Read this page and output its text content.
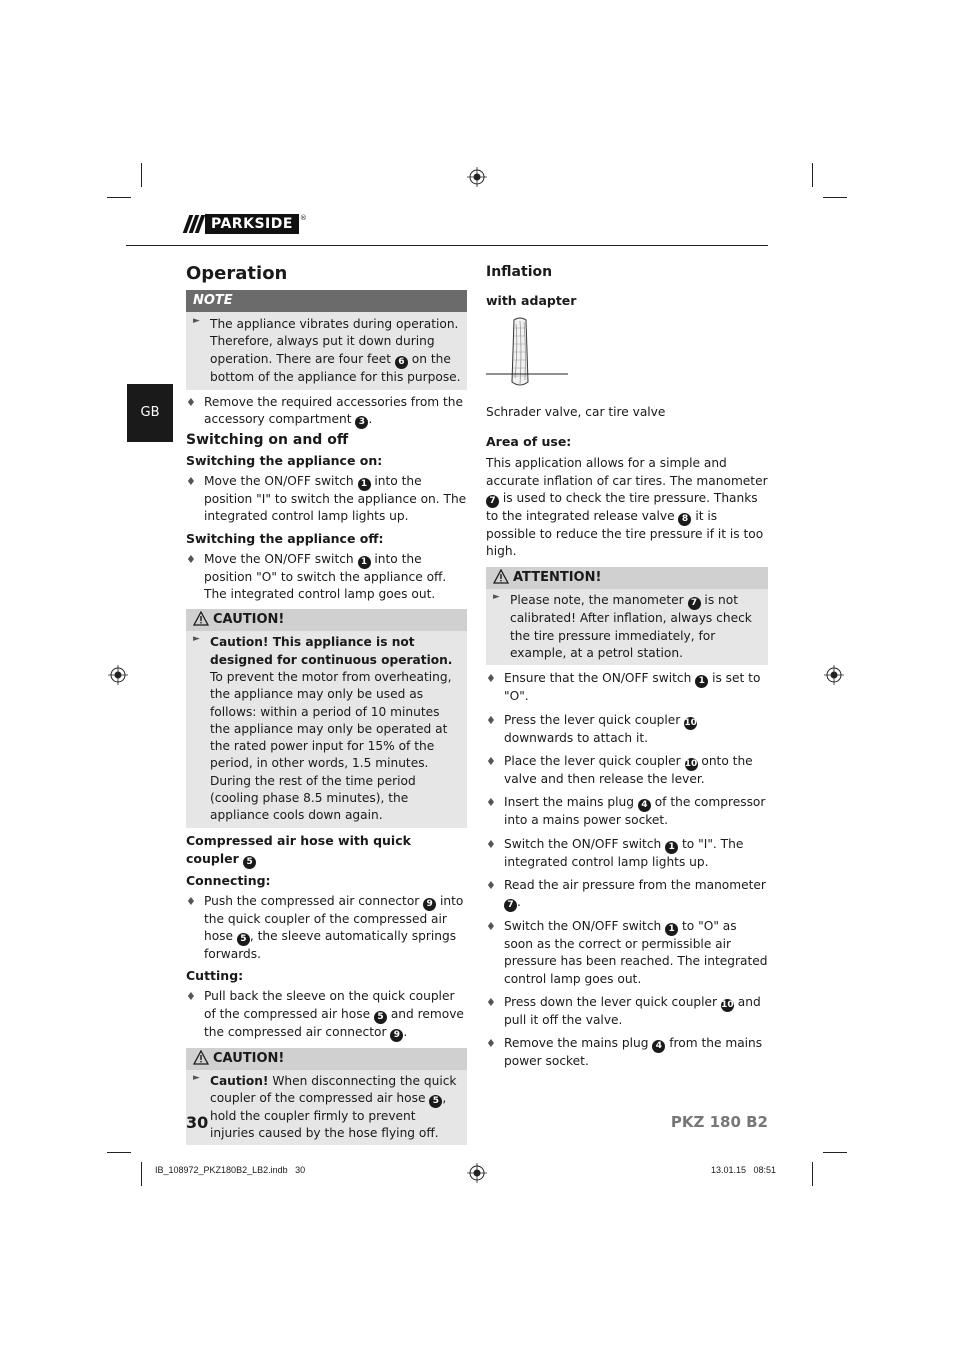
PARKSIDE	®
GB
Operation
NOTE
► The appliance vibrates during operation. Therefore, always put it down during operation. There are four feet 6 on the bottom of the appliance for this purpose.

♦ Remove the required accessories from the accessory compartment 3 .
Switching on and off
Switching the appliance on:
♦ Move the ON/OFF switch 1 into the position "I" to switch the appliance on. The integrated control lamp lights up.
Switching the appliance off:
♦ Move the ON/OFF switch 1 into the position "O" to switch the appliance off. The integrated control lamp goes out.
CAUTION!
► Caution! This appliance is not designed for continuous operation. To prevent the motor from overheating, the appliance may only be used as follows: within a period of 10 minutes the appliance may only be operated at the rated power input for 15% of the period, in other words, 1.5 minutes. During the rest of the time period (cooling phase 8.5 minutes), the appliance cools down again.

Compressed air hose with quick coupler 5
Connecting:
♦ Push the compressed air connector 9 into the quick coupler of the compressed air hose 5 , the sleeve automatically springs forwards.
Cutting:
♦ Pull back the sleeve on the quick coupler of the compressed air hose 5 and remove the compressed air connector 9 .
CAUTION!
► Caution! When disconnecting the quick coupler of the compressed air hose 5 , hold the coupler firmly to prevent injuries caused by the hose flying off.

Inflation
with adapter

Schrader valve, car tire valve

Area of use:

This application allows for a simple and accurate inflation of car tires. The manometer 7 is used to check the tire pressure. Thanks to the integrated release valve 8 it is possible to reduce the tire pressure if it is too high.

ATTENTION!
► Please note, the manometer 7 is not calibrated! After inflation, always check the tire pressure immediately, for example, at a petrol station.

♦ Ensure that the ON/OFF switch 1 is set to "O".
♦ Press the lever quick coupler 10 downwards to attach it.
♦ Place the lever quick coupler 10 onto the valve and then release the lever.
♦ Insert the mains plug 4 of the compressor into a mains power socket.
♦ Switch the ON/OFF switch 1 to "I". The integrated control lamp lights up.
♦ Read the air pressure from the manometer 7 .
♦ Switch the ON/OFF switch 1 to "O" as soon as the correct or permissible air pressure has been reached. The integrated control lamp goes out.
♦ Press down the lever quick coupler 10 and pull it off the valve.
♦ Remove the mains plug 4 from the mains power socket.
30	PKZ 180 B2
IB_108972_PKZ180B2_LB2.indb   30	13.01.15   08:51
